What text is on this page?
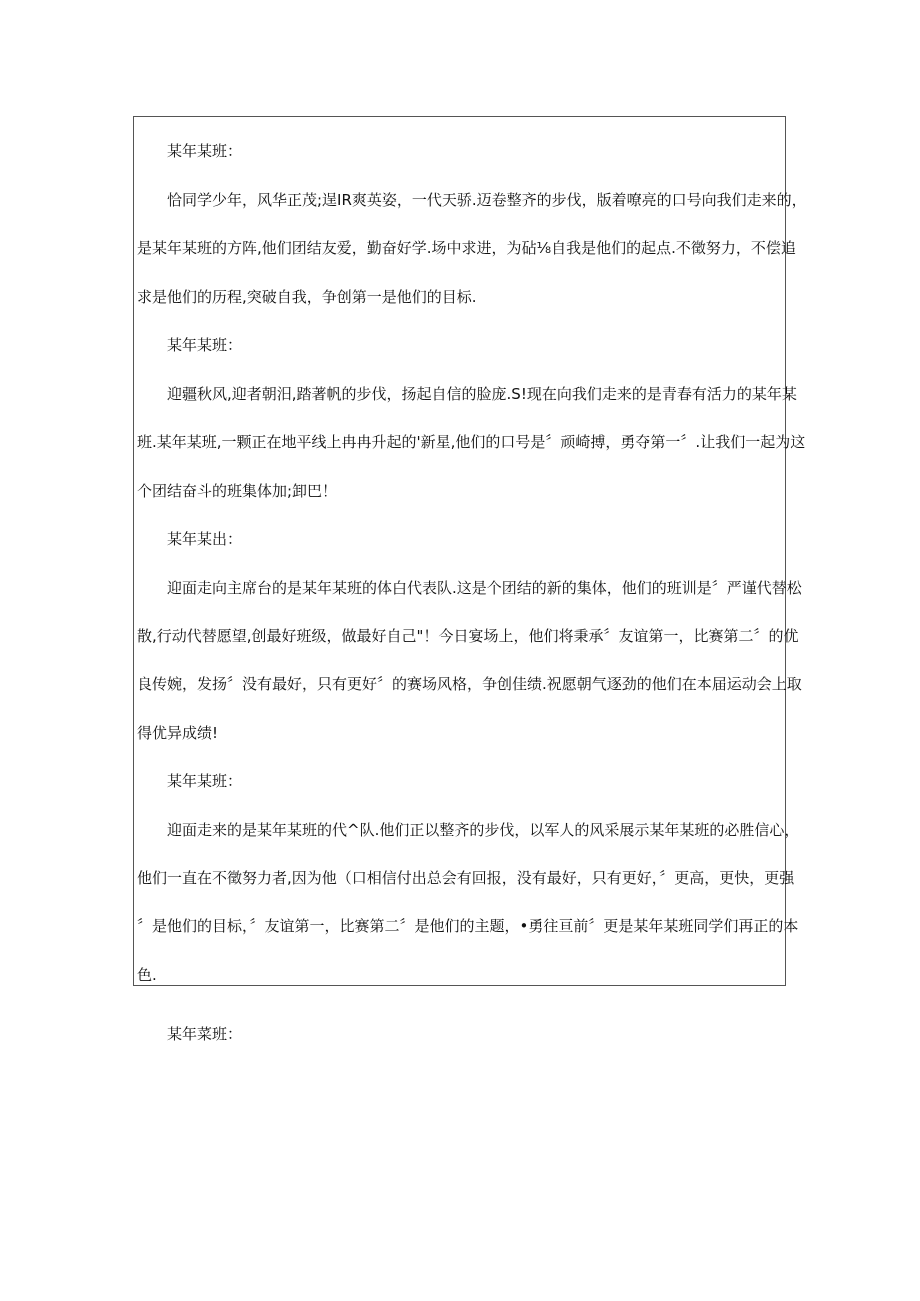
某年某班：
恰同学少年，风华正茂;逞IR爽英姿，一代天骄.迈卷整齐的步伐，版着嘹亮的口号向我们走来的，
是某年某班的方阵,他们团结友爱，勤奋好学.场中求进，为砧⅛自我是他们的起点.不徵努力，不偿追
求是他们的历程,突破自我，争创第一是他们的目标.
某年某班：
迎疆秋风,迎者朝汨,踏著帆的步伐，扬起自信的脸庞.S!现在向我们走来的是青春有活力的某年某
班.某年某班,一颗正在地平线上冉冉升起的'新星,他们的口号是〞顽崎搏，勇夺第一〞.让我们一起为这
个团结奋斗的班集体加;卸巴！
某年某出：
迎面走向主席台的是某年某班的体白代表队.这是个团结的新的集体，他们的班训是〞严谨代替松
散,行动代替愿望,创最好班级，做最好自己"！今日宴场上，他们将秉承〞友谊第一，比赛第二〞的优
良传婉，发扬〞没有最好，只有更好〞的赛场风格，争创佳绩.祝愿朝气逐劲的他们在本届运动会上取
得优异成绩!
某年某班：
迎面走来的是某年某班的代^队.他们正以整齐的步伐，以军人的风采展示某年某班的必胜信心，
他们一直在不徵努力者,因为他（口相信付出总会有回报，没有最好，只有更好，〞更高，更快，更强
〞是他们的目标，〞友谊第一，比赛第二〞是他们的主题，•勇往亘前〞更是某年某班同学们再正的本
色.
某年菜班：
